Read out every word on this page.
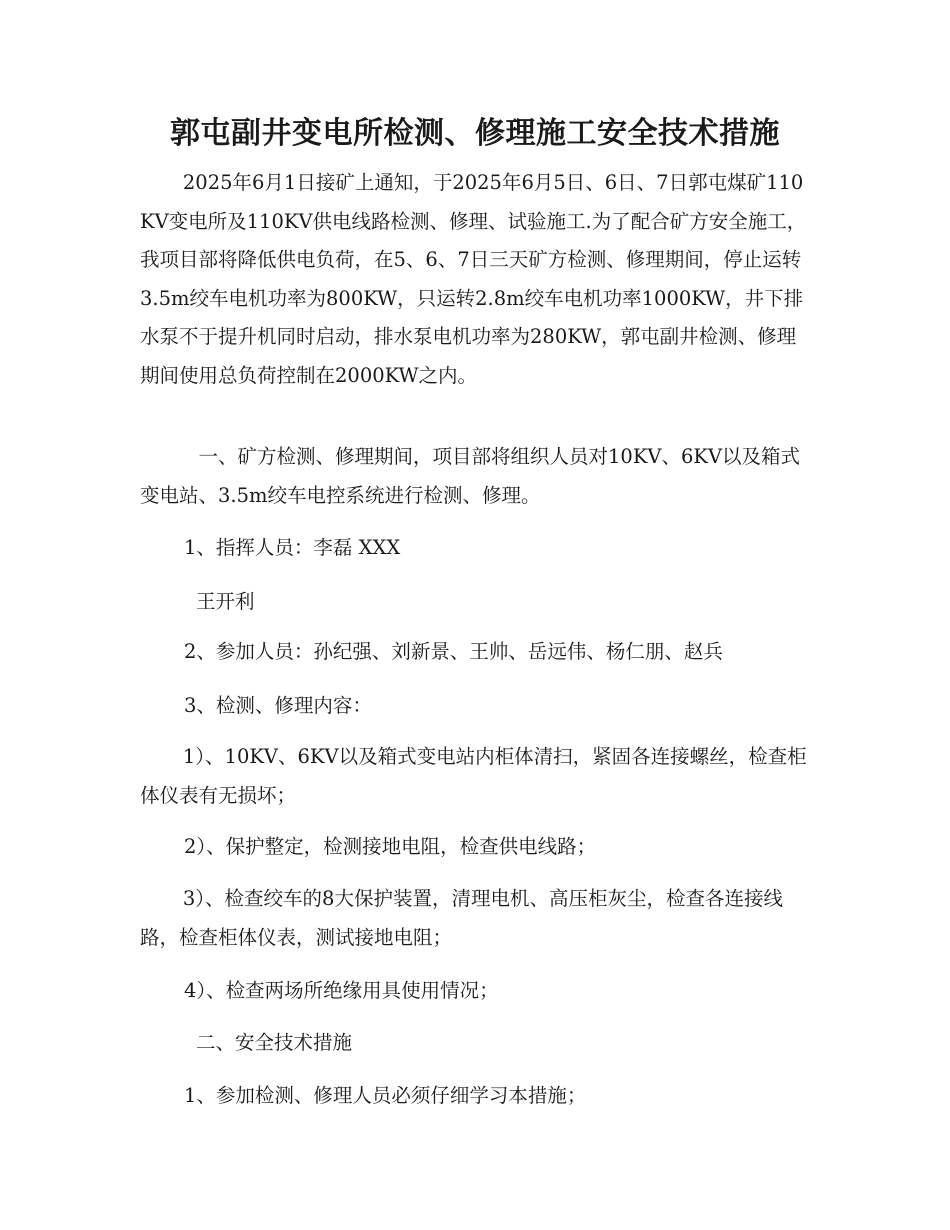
郭屯副井变电所检测、修理施工安全技术措施

2025年6月1日接矿上通知，于2025年6月5日、6日、7日郭屯煤矿110KV变电所及110KV供电线路检测、修理、试验施工.为了配合矿方安全施工，我项目部将降低供电负荷，在5、6、7日三天矿方检测、修理期间，停止运转3.5m绞车电机功率为800KW，只运转2.8m绞车电机功率1000KW，井下排水泵不于提升机同时启动，排水泵电机功率为280KW，郭屯副井检测、修理期间使用总负荷控制在2000KW之内。

一、矿方检测、修理期间，项目部将组织人员对10KV、6KV以及箱式变电站、3.5m绞车电控系统进行检测、修理。

1、指挥人员：李磊 XXX

王开利

2、参加人员：孙纪强、刘新景、王帅、岳远伟、杨仁朋、赵兵

3、检测、修理内容：

1）、10KV、6KV以及箱式变电站内柜体清扫，紧固各连接螺丝，检查柜体仪表有无损坏；

2）、保护整定，检测接地电阻，检查供电线路；

3）、检查绞车的8大保护装置，清理电机、高压柜灰尘，检查各连接线路，检查柜体仪表，测试接地电阻；

4）、检查两场所绝缘用具使用情况；

二、安全技术措施

1、参加检测、修理人员必须仔细学习本措施；
